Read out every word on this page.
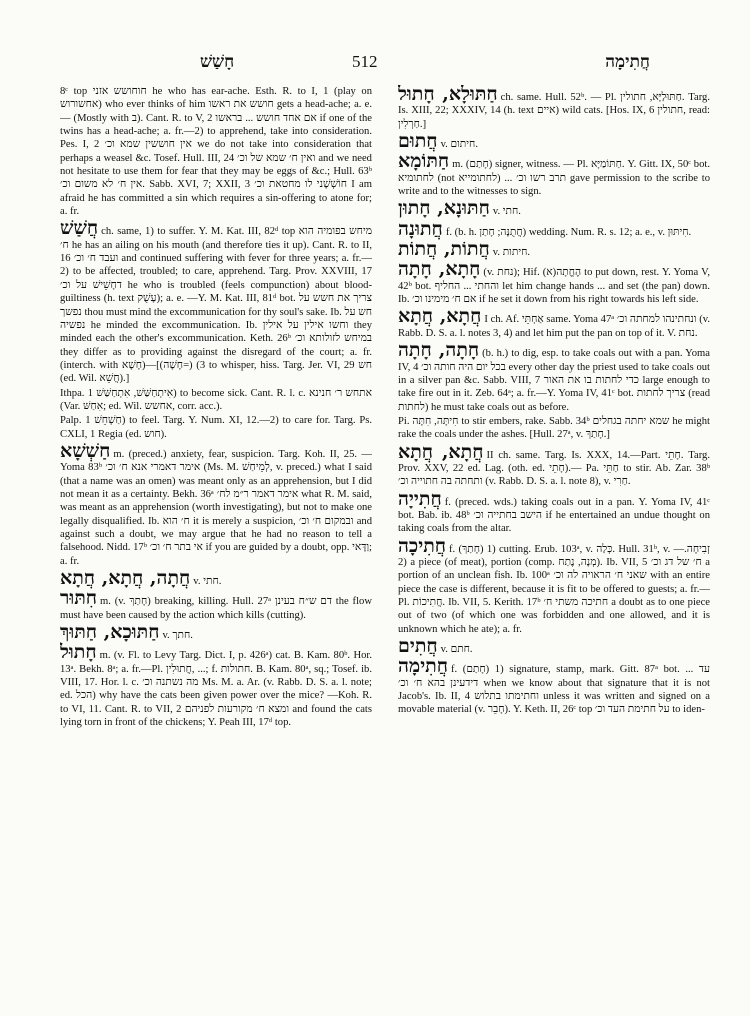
חָשַׁשׁ	512	חֲתִימָה

8ᶜ top חוחושש אזני he who has ear-ache. Esth. R. to I, 1 (play on אחשורוש) who ever thinks of him חושש את ראשו gets a head-ache; a. e. — (Mostly with ב). Cant. R. to V, 2 אם אחד חושש ... בראשו if one of the twins has a head-ache; a. fr.—2) to apprehend, take into consideration. Pes. I, 2 אין חוששין שמא וכ׳ we do not take into consideration that perhaps a weasel &c. Tosef. Hull. III, 24 ואין ח׳ שמא של וכ׳ and we need not hesitate to use them for fear that they may be eggs of &c.; Hull. 63ᵇ אין ח׳ לא משום וכ׳. Sabb. XVI, 7; XXII, 3 חוֹשְׁשָׁני לו מחטאת וכ׳ I am afraid he has committed a sin which requires a sin-offering to atone for; a. fr.

חֲשַׁשׁ ch. same, 1) to suffer. Y. M. Kat. III, 82ᵈ top מיחש בפומיה הוא ח׳ he has an ailing on his mouth (and therefore ties it up). Cant. R. to II, 16 ועבד ח׳ וכ׳ and continued suffering with fever for three years; a. fr.—2) to be affected, troubled; to care, apprehend. Targ. Prov. XXVIII, 17 דחָשֵׁישׁ על וכ׳ he who is troubled (feels compunction) about blood-guiltiness (h. text עָשֻׁק); a. e. —Y. M. Kat. III, 81ᵈ bot. צריך את חשש על נפשך thou must mind the excommunication for thy soul's sake. Ib. חש על נפשיה he minded the excommunication. Ib. וחשו אילין על אילין they minded each the other's excommunication. Keth. 26ᵇ במיחש לזולותא וכ׳ they differ as to providing against the disregard of the court; a. fr. (interch. with חָשָׁא)—[3) (=חָשָׁה) to whisper, hiss. Targ. Jer. VI, 29 חש (ed. Wil. חֲשֵׁא).]

Ithpa. אִיתְחַשַּׁשׁ, אִתְחַשַּׁשׁ 1) to become sick. Cant. R. l. c. אתחש ר׳ חנינא (Var. אִחַשּׁ; ed. Wil. אחשש, corr. acc.).

Palp. חַשְׁחֵשׁ 1) to feel. Targ. Y. Num. XI, 12.—2) to care for. Targ. Ps. CXLI, 1 Regia (ed. חוש).

חַשְׁשָׁא m. (preced.) anxiety, fear, suspicion. Targ. Koh. II, 25. —Yoma 83ᵇ אימר דאמרי אנא ח׳ וכ׳ (Ms. M. לְמֵיחַשׁ, v. preced.) what I said (that a name was an omen) was meant only as an apprehension, but I did not mean it as a certainty. Bekh. 36ᵃ אימר דאמר ר״מ לח׳ what R. M. said, was meant as an apprehension (worth investigating), but not to make one legally disqualified. Ib. ח׳ הוא it is merely a suspicion, ובמקום ח׳ וכ׳ and against such a doubt, we may argue that he had no reason to tell a falsehood. Nidd. 17ᵇ אי בתר ח׳ וכ׳ if you are guided by a doubt, opp. וַדָּאי; a. fr.

חֲתָה, חֲתָא, חֲתָא v. חתי.

חִתּוּר m. (v. חָתַךְ) breaking, killing. Hull. 27ᵃ דם ש״ח בעינן the flow must have been caused by the action which kills (cutting).

חַתּוּכָא, חַתּוּךְ v. חתך.

חָתוּל m. (v. Fl. to Levy Targ. Dict. I, p. 426ᵃ) cat. B. Kam. 80ᵇ. Hor. 13ᵃ. Bekh. 8ᵃ; a. fr.—Pl. חֲתוּלִין, ...; f. חתולות. B. Kam. 80ᵃ, sq.; Tosef. ib. VIII, 17. Hor. l. c. מה נשתנה וכ׳ Ms. M. a. Ar. (v. Rabb. D. S. a. l. note; ed. הכל) why have the cats been given power over the mice? —Koh. R. to VI, 11. Cant. R. to VII, 2 ומצא ח׳ מקורעות לפניהם and found the cats lying torn in front of the chickens; Y. Peah III, 17ᵈ top.

חַתּוּלָא, חָתוּל ch. same. Hull. 52ᵇ. — Pl. חַתּוּלַיָּא, חתולין. Targ. Is. XIII, 22; XXXIV, 14 (h. text איים) wild cats. [Hos. IX, 6 חתולין, read: חַרְלִין.]

חֲתוּם v. חיתום.

חַתּוֹמָא m. (חָתַם) signer, witness. — Pl. חַתּוֹמַיָּא. Y. Gitt. IX, 50ᶜ bot. לחתומיא (not לחתומייא) ... תרב רשו וכ׳ gave permission to the scribe to write and to the witnesses to sign.

חַתּוּנָא, חָתוּן v. חתי.

חֲתוּנָה f. (b. h. חֲתֻנָּה; חָתַן) wedding. Num. R. s. 12; a. e., v. חִיתּוּן.

חֲתוֹת, חֲתוֹת v. חיתות.

חָתָא, חָתָה (v. נחת); Hif. (א)הֶחֱתָה to put down, rest. Y. Yoma V, 42ᵇ bot. והחתי ... החליף let him change hands ... and set (the pan) down. Ib. אם ח׳ מימינו וכ׳ if he set it down from his right towards his left side.

חֲתָא, חֲתָא I ch. Af. אַחְתֵּי same. Yoma 47ᵃ ונחתינהו למחתה וכ׳ (v. Rabb. D. S. a. l. notes 3, 4) and let him put the pan on top of it. V. נחת.

חָתָה, חָתָה (b. h.) to dig, esp. to take coals out with a pan. Yoma IV, 4 בכל יום היה חותה וכ׳ every other day the priest used to take coals out in a silver pan &c. Sabb. VIII, 7 כדי לחתות בו את האור large enough to take fire out in it. Zeb. 64ᵃ; a. fr.—Y. Yoma IV, 41ᶜ bot. צריך לחתות (read לחתות) he must take coals out as before.

Pi. חִיתָּה, חִתָּה to stir embers, rake. Sabb. 34ᵇ שמא יחתה בגחלים he might rake the coals under the ashes. [Hull. 27ᵃ, v. חָתַךְ.]

חֲתָא, חֲתָא II ch. same. Targ. Is. XXX, 14.—Part. חָתֵי. Targ. Prov. XXV, 22 ed. Lag. (oth. ed. חָתֵי).— Pa. חַתֵּי to stir. Ab. Zar. 38ᵇ ותחתה בה חתוייה וכ׳ (v. Rabb. D. S. a. l. note 8), v. חַרִי.

חֲתִייָה f. (preced. wds.) taking coals out in a pan. Y. Yoma IV, 41ᶜ bot. Bab. ib. 48ᵇ הישב בחתייה וכ׳ if he entertained an undue thought on taking coals from the altar.

חֲתִיכָה f. (חָתַךְ) 1) cutting. Erub. 103ᵃ, v. כְּלַה. Hull. 31ᵇ, v. זְבִיחָה.—2) a piece (of meat), portion (comp. מְנָה, נֶתַח). Ib. VII, 5 ח׳ של דג וכ׳ a portion of an unclean fish. Ib. 100ᵃ שאני ח׳ הראויה לה וכ׳ with an entire piece the case is different, because it is fit to be offered to guests; a. fr.—Pl. חֲתִיכוֹת. Ib. VII, 5. Kerith. 17ᵇ חתיכה משתי ח׳ a doubt as to one piece out of two (of which one was forbidden and one allowed, and it is unknown which he ate); a. fr.

חֲתִים v. חתם.

חֲתִימָה f. (חָתַם) 1) signature, stamp, mark. Gitt. 87ᵃ bot. עד ... דידעינן בהא ח׳ וכ׳ when we know about that signature that it is not Jacob's. Ib. II, 4 וחתימתו בתלוש unless it was written and signed on a movable material (v. חָבֵר). Y. Keth. II, 26ᶜ top על חתימת העד וכ׳ to iden-
